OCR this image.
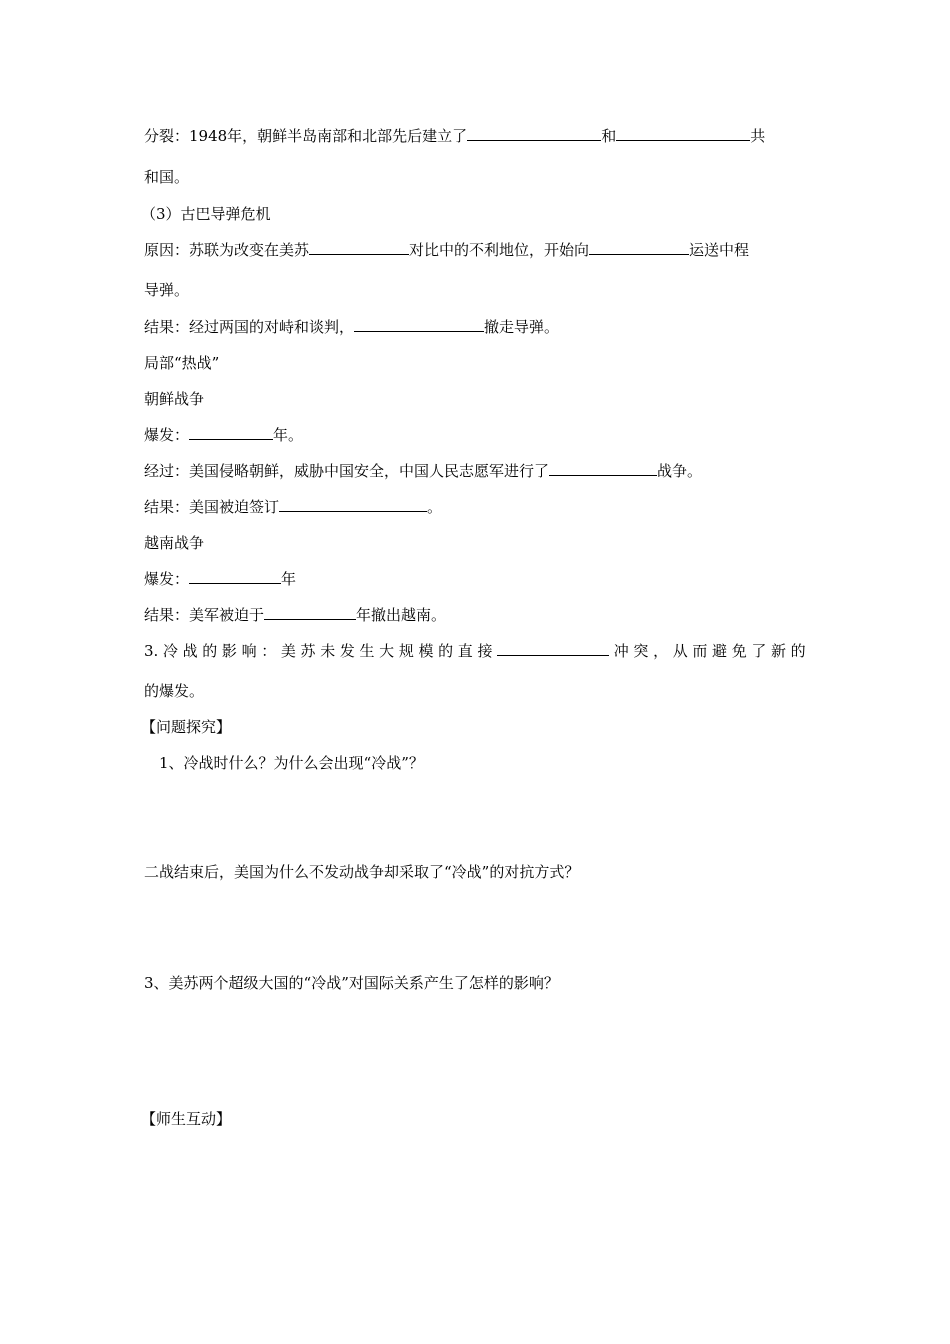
分裂：1948年，朝鲜半岛南部和北部先后建立了	和	共
和国。
（3）古巴导弹危机
原因：苏联为改变在美苏	对比中的不利地位，开始向	运送中程
导弹。
结果：经过两国的对峙和谈判，	撤走导弹。
局部“热战”
朝鲜战争
爆发：	年。
经过：美国侵略朝鲜，威胁中国安全，中国人民志愿军进行了	战争。
结果：美国被迫签订	。
越南战争
爆发：	年
结果：美军被迫于	年撤出越南。
3. 冷 战 的 影 响 ： 美 苏 未 发 生 大 规 模 的 直 接	冲 突 ， 从 而 避 免 了 新 的
的爆发。
【问题探究】
1、冷战时什么？为什么会出现“冷战”？
二战结束后，美国为什么不发动战争却采取了“冷战”的对抗方式？
3、美苏两个超级大国的“冷战”对国际关系产生了怎样的影响？
【师生互动】
